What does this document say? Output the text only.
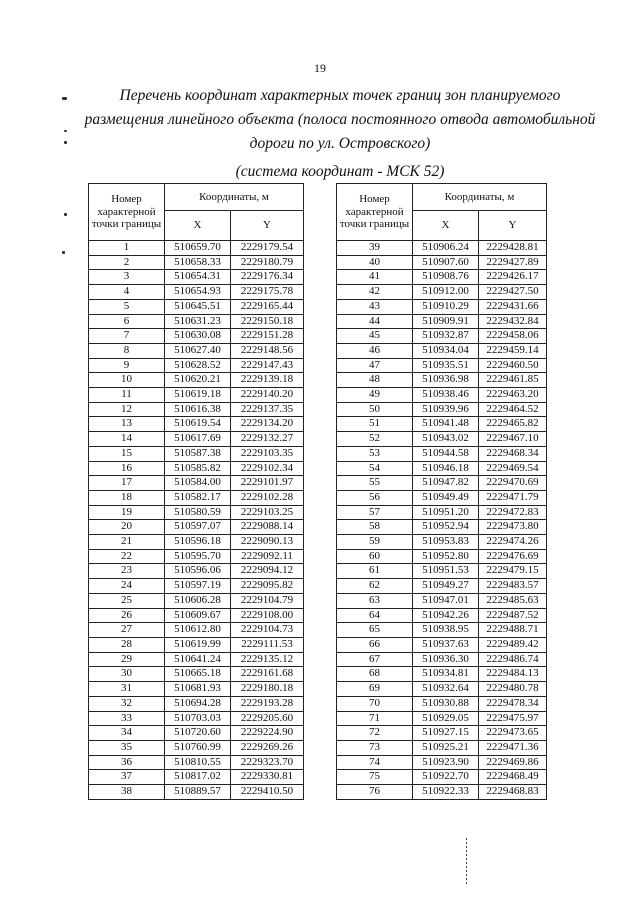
19
Перечень координат характерных точек границ зон планируемого
размещения линейного объекта (полоса постоянного отвода автомобильной
дороги по ул. Островского)
(система координат - МСК 52)
Номер характерной точки границы	Координаты, м	
	X	Y
1	510659.70	2229179.54
2	510658.33	2229180.79
3	510654.31	2229176.34
4	510654.93	2229175.78
5	510645.51	2229165.44
6	510631.23	2229150.18
7	510630.08	2229151.28
8	510627.40	2229148.56
9	510628.52	2229147.43
10	510620.21	2229139.18
11	510619.18	2229140.20
12	510616.38	2229137.35
13	510619.54	2229134.20
14	510617.69	2229132.27
15	510587.38	2229103.35
16	510585.82	2229102.34
17	510584.00	2229101.97
18	510582.17	2229102.28
19	510580.59	2229103.25
20	510597.07	2229088.14
21	510596.18	2229090.13
22	510595.70	2229092.11
23	510596.06	2229094.12
24	510597.19	2229095.82
25	510606.28	2229104.79
26	510609.67	2229108.00
27	510612.80	2229104.73
28	510619.99	2229111.53
29	510641.24	2229135.12
30	510665.18	2229161.68
31	510681.93	2229180.18
32	510694.28	2229193.28
33	510703.03	2229205.60
34	510720.60	2229224.90
35	510760.99	2229269.26
36	510810.55	2229323.70
37	510817.02	2229330.81
38	510889.57	2229410.50
Номер характерной точки границы	Координаты, м	
	X	Y
39	510906.24	2229428.81
40	510907.60	2229427.89
41	510908.76	2229426.17
42	510912.00	2229427.50
43	510910.29	2229431.66
44	510909.91	2229432.84
45	510932.87	2229458.06
46	510934.04	2229459.14
47	510935.51	2229460.50
48	510936.98	2229461.85
49	510938.46	2229463.20
50	510939.96	2229464.52
51	510941.48	2229465.82
52	510943.02	2229467.10
53	510944.58	2229468.34
54	510946.18	2229469.54
55	510947.82	2229470.69
56	510949.49	2229471.79
57	510951.20	2229472.83
58	510952.94	2229473.80
59	510953.83	2229474.26
60	510952.80	2229476.69
61	510951.53	2229479.15
62	510949.27	2229483.57
63	510947.01	2229485.63
64	510942.26	2229487.52
65	510938.95	2229488.71
66	510937.63	2229489.42
67	510936.30	2229486.74
68	510934.81	2229484.13
69	510932.64	2229480.78
70	510930.88	2229478.34
71	510929.05	2229475.97
72	510927.15	2229473.65
73	510925.21	2229471.36
74	510923.90	2229469.86
75	510922.70	2229468.49
76	510922.33	2229468.83
